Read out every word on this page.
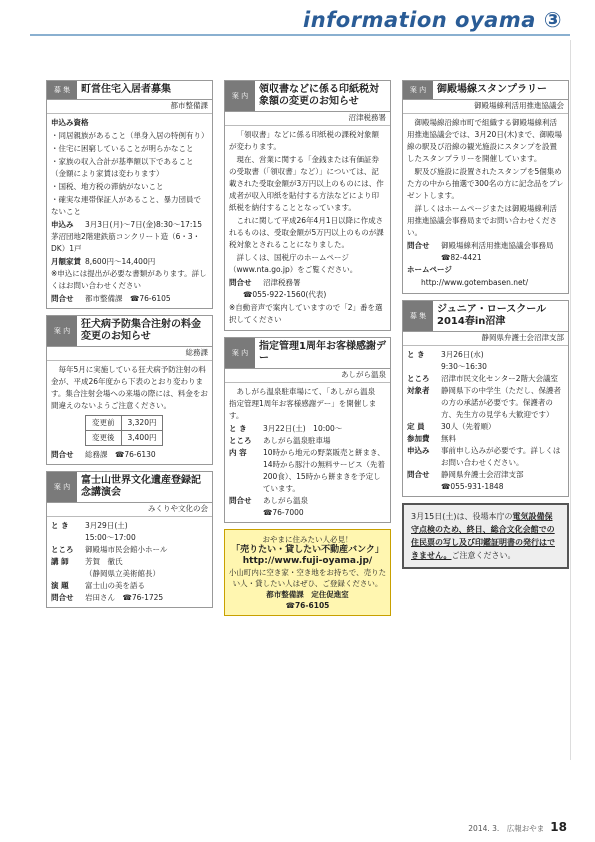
information oyama ③
募 集	町営住宅入居者募集
都市整備課

申込み資格

・同居親族があること（単身入居の特例有り）

・住宅に困窮していることが明らかなこと

・家族の収入合計が基準額以下であること（金額により家賃は変わります）

・国税、地方税の滞納がないこと

・確実な連帯保証人があること、暴力団員でないこと

申込み	3月3日(月)〜7日(金)8:30〜17:15

茅沼団地2階建鉄筋コンクリート造（6・3・DK）1戸

月額家賃 8,600円〜14,400円

※申込には提出が必要な書類があります。詳しくはお問い合わせください

問合せ	都市整備課　☎76-6105
案 内
狂犬病予防集合注射の料金変更のお知らせ
総務課

毎年5月に実施している狂犬病予防注射の料金が、平成26年度から下表のとおり変わります。集合注射会場への来場の際には、料金をお間違えのないようご注意ください。

変更前	3,320円
変更後	3,400円
問合せ	総務課　☎76-6130
案 内
富士山世界文化遺産登録記念講演会
みくりや文化の会
と き	3月29日(土)
15:00〜17:00
ところ	御殿場市民会館小ホール
講 師	芳賀　徹氏
（静岡県立美術館長）
演 題	富士山の美を語る
問合せ	岩田さん　☎76-1725
案 内
領収書などに係る印紙税対象額の変更のお知らせ
沼津税務署

「領収書」などに係る印紙税の課税対象額が変わります。

現在、営業に関する「金銭または有価証券の受取書（「領収書」など）」については、記載された受取金額が3万円以上のものには、作成者が収入印紙を貼付する方法などにより印紙税を納付することとなっています。

これに関して平成26年4月1日以降に作成されるものは、受取金額が5万円以上のものが課税対象とされることになりました。

詳しくは、国税庁のホームページ（www.nta.go.jp）をご覧ください。

問合せ	沼津税務署

☎055-922-1560(代表)

※自動音声で案内していますので「2」番を選択してください

案 内
指定管理1周年お客様感謝デー
あしがら温泉

あしがら温泉駐車場にて、「あしがら温泉　指定管理1周年お客様感謝デー」を開催します。

と き	3月22日(土)　10:00〜
ところ	あしがら温泉駐車場
内 容	10時から地元の野菜販売と餅まき、14時から豚汁の無料サービス（先着200食）、15時から餅まきを予定しています。
問合せ	あしがら温泉
☎76-7000
おやまに住みたい人必見！
「売りたい・貸したい不動産バンク」
http://www.fuji-oyama.jp/
小山町内に空き家・空き地をお持ちで、売りたい人・貸したい人はぜひ、ご登録ください。
都市整備課　定住促進室
☎76-6105
案 内	御殿場線スタンプラリー
御殿場線利活用推進協議会

御殿場線沿線市町で組織する御殿場線利活用推進協議会では、3月20日(木)まで、御殿場線の駅及び沿線の観光施設にスタンプを設置したスタンプラリーを開催しています。

駅及び施設に設置されたスタンプを5個集めた方の中から抽選で300名の方に記念品をプレゼントします。

詳しくはホームページまたは御殿場線利活用推進協議会事務局までお問い合わせください。

問合せ	御殿場線利活用推進協議会事務局　☎82-4421

ホームページ

http://www.gotembasen.net/

募 集
ジュニア・ロースクール2014春in沼津
静岡県弁護士会沼津支部
と き	3月26日(水)
9:30〜16:30
ところ	沼津市民文化センター2階大会議室
対象者	静岡県下の中学生（ただし、保護者の方の承諾が必要です。保護者の方、先生方の見学も大歓迎です）
定 員	30人（先着順）
参加費	無料
申込み	事前申し込みが必要です。詳しくはお問い合わせください。
問合せ	静岡県弁護士会沼津支部
☎055-931-1848
3月15日(土)は、役場本庁の電気設備保守点検のため、終日、総合文化会館での住民票の写し及び印鑑証明書の発行はできません。ご注意ください。
2014. 3.　広報おやま 18
